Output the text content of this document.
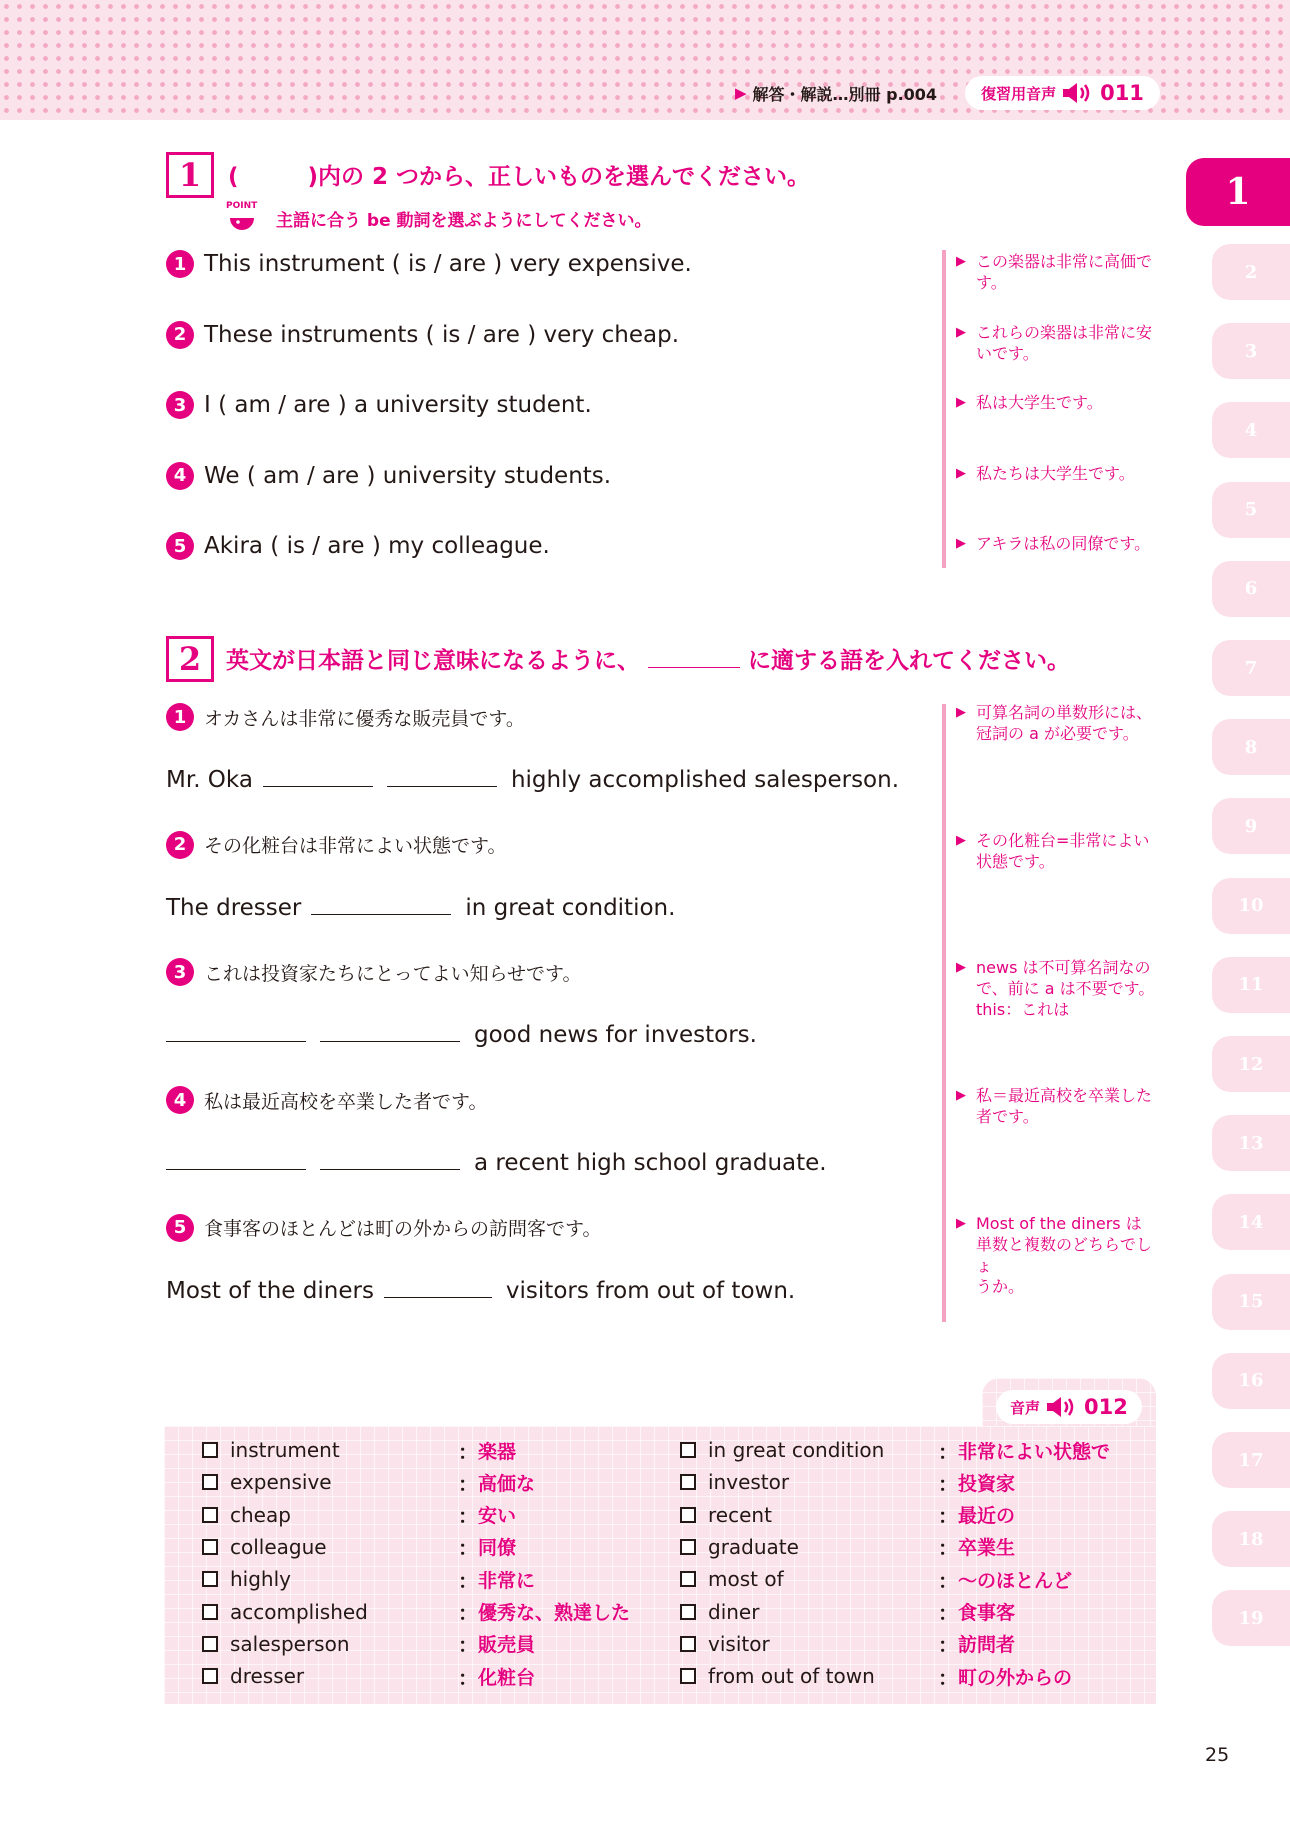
▶ 解答・解説…別冊 p.004	復習用音声 011
1
2
3
4
5
6
7
8
9
10
11
12
13
14
15
16
17
18
19
1	(　　　)内の 2 つから、正しいものを選んでください。
POINT
主語に合う be 動詞を選ぶようにしてください。
1 This instrument ( is / are ) very expensive.	▶ この楽器は非常に高価で
す。
2 These instruments ( is / are ) very cheap.	▶ これらの楽器は非常に安
いです。
3 I ( am / are ) a university student.	▶ 私は大学生です。
4 We ( am / are ) university students.	▶ 私たちは大学生です。
5 Akira ( is / are ) my colleague.	▶ アキラは私の同僚です。
2	英文が日本語と同じ意味になるように、	に適する語を入れてください。
1 オカさんは非常に優秀な販売員です。
Mr. Oka	highly accomplished salesperson.
▶ 可算名詞の単数形には、
冠詞の a が必要です。
2 その化粧台は非常によい状態です。
The dresser	in great condition.
▶ その化粧台=非常によい
状態です。
3 これは投資家たちにとってよい知らせです。
good news for investors.
▶ news は不可算名詞なの
で、前に a は不要です。
this：これは
4 私は最近高校を卒業した者です。
a recent high school graduate.
▶ 私＝最近高校を卒業した
者です。
5 食事客のほとんどは町の外からの訪問客です。
Most of the diners	visitors from out of town.
▶ Most of the diners は
単数と複数のどちらでしょ
うか。
音声 012
instrument	： 楽器
expensive	： 高価な
cheap	： 安い
colleague	： 同僚
highly	： 非常に
accomplished	： 優秀な、熟達した
salesperson	： 販売員
dresser	： 化粧台
in great condition	： 非常によい状態で
investor	： 投資家
recent	： 最近の
graduate	： 卒業生
most of	： ～のほとんど
diner	： 食事客
visitor	： 訪問者
from out of town	： 町の外からの
25
